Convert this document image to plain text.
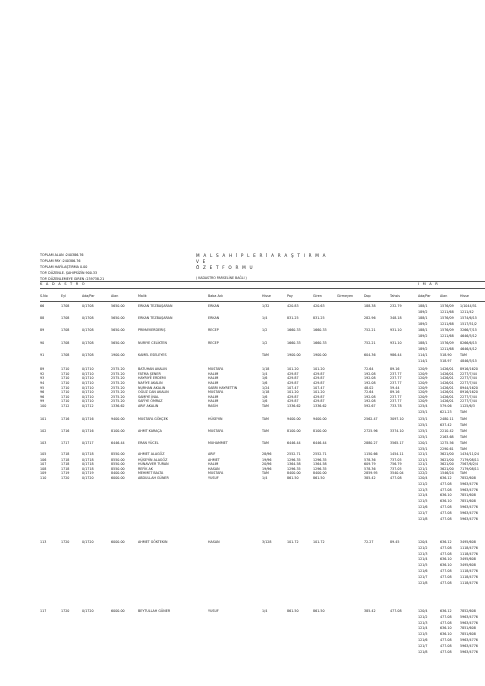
TOPLAM ALAN :240386.76
TOPLAM PAY :240386.76
TOPLAM HAFİLAŞTIRMA 0.00
TOP. DÜZENLE. ŞAHIPSİZİN 900.33
TOP. DÜZENLEMEYE GIREN :239738.21
M A L S A H İ P L E R İ A R A Ş T I R M A
V E
Ö Z E T F O R M U
( KADASTRO PARSELİNE BAĞLI )
K A D A S T R O	İ M A R
S.No	Eyl	Ada/Par	Alan	Malik	Baba Adı	Hisse	Pay	Giren	Girmeyen	Dop	Tahsis	Ada/Par	Alan	Hisse
66	1708	0/1708	5650.00	ERKAN TEZBAŞARAN	ERKAN	1/32	420.83	420.63	188.38	232.79	188/1	1576/09 1/1044/51
189/2	1211/68 1211/42
88	1708	0/1708	5650.00	ERKAN TEZBAŞARAN	ERKAN	1/4	831.25	831.25	282.96	348.18	188/1	1576/09 1574/6/15
189/2	1211/68 1517/51/2
89	1708	0/1708	5650.00	PRIMAYIERDERIŞ	RECEP	1/2	1660.33	1660.33	752.21	931.10	188/1	1576/09 3266/7/15
189/2	1211/68 4646/5/12
90	1708	0/1708	5650.00	NURIYE CELİKTEN	RECEP	1/2	1660.33	1660.33	752.21	931.10	188/1	1576/09 8266/6/15
189/2	1211/68 4646/4/12
91	1708	0/1708	1900.00	KAMEL ESELEYES	TAM	1900.00	1900.00	604.36	986.44	114/1	518.90	TAM
114/1	518.97	4846/5/15
89	1710	0/1710	2575.20	BATUHAN AKALIN	MUSTAFA	1/18	101.20	101.20	72.64	89.16	120/9	1426/01 8916/1620
92	1710	0/1710	2575.20	FATMA ŞENER	HALIM	1/4	429.87	429.87	192.08	237.77	120/9	1426/01 2277/7/44
93	1710	0/1710	2575.20	HAYRIYE ERDEMI	HALIM	1/6	429.87	429.87	192.08	237.77	120/9	1426/01 2277/7/44
94	1710	0/1710	2575.20	NAFİYE AKALIN	HALIM	1/6	429.87	429.87	192.08	237.77	120/9	1426/01 2277/7/44
95	1710	0/1710	2575.20	NURHAN AKALIN	SABRI HAYRETTIN	1/24	107.47	107.47	48.02	59.44	120/9	1426/01 8944/1620
96	1710	0/1710	2575.20	OĞUZ CAN AKALIN	MUSTAFA	1/18	101.20	101.20	72.64	89.16	120/9	1426/01 8916/1620
96	1710	0/1710	2575.20	SAMIYE İNAL	HALIM	1/6	429.87	429.87	192.08	237.77	120/9	1426/01 2277/7/44
99	1710	0/1710	2575.20	SAFİYE ÖMRAZ	HALIM	1/6	429.87	429.87	192.08	237.77	120/9	1426/01 2277/7/44
100	1712	0/1712	1336.62	ARIF AKALIN	RASİH	TAM	1336.62	1336.62	592.67	733.78	125/4	579.06	1125/6/3
125/1	621.23	TAM
101	1716	0/1716	9400.00	MUSTAFA GÖKÇEK	HÜSEYIN	TAM	9400.00	9400.00	2562.47	3097.10	125/1	2480.11 TAM
125/1	637.42	TAM
102	1716	0/1716	8100.00	AHMT KARAÇA	MUSTAFA	TAM	8100.00	8100.00	2725.96	3374.10	125/1	2210.42 TAM
125/1	2163.68 TAM
103	1717	0/1717	6446.44	ERAN YÜCEL	MUHAMMET	TAM	6446.44	6446.44	2880.27	3565.17	120/1	1275.56 TAM
125/1	2290.61 TAM
105	1718	0/1718	8550.00	AHMET ALAGÖZ	ARIF	28/96	2552.71	2552.71	1150.66	1454.11	121/1	3621/00 1434/11/24
106	1718	0/1718	8550.00	HÜSEYİN ALAGÖZ	AHMET	19/96	1296.35	1296.35	578.36	737.05	121/1	3621/00 7179/08/11
107	1718	0/1718	8550.00	HÜNAVVER TURAN	HALIM	20/96	1364.58	1364.58	609.79	756.79	121/1	3621/00 7567/6/2/4
108	1718	0/1718	8550.00	REFİK AK	HASAN	19/96	1296.35	1296.35	578.36	737.05	121/1	3621/00 7179/08/11
109	1719	0/1719	8400.00	MEHMET BALTA	MUSTAFA	TAM	8400.00	8400.00	2859.95	3540.04	122/2	1546/24 TAM
110	1720	0/1720	6000.00	ABDULLAH GÜNER	YUSUF	1/4	861.50	861.50	385.42	477.08	120/4	636.12	7852/608
121/2	477.08	5963/4776
121/3	477.08	5963/4776
121/4	636.10	7851/608
121/5	636.10	7851/608
121/6	477.08	5963/4776
121/7	477.08	5963/4776
121/8	477.08	5963/4776
113	1720	0/1720	6000.00	AHMET GÖKTEKIN	HASAN	3/128	101.72	101.72	72.27	89.45	120/4	636.12	3495/608
121/2	477.08	1118/4776
121/3	477.08	1118/4776
121/4	636.10	3495/608
121/5	636.10	3495/608
121/6	477.08	1118/4776
121/7	477.08	1118/4776
121/8	477.08	1118/4776
117	1720	0/1720	6000.00	BEYTULLAH GÜNER	YUSUF	1/4	861.50	861.50	385.42	477.08	120/4	636.12	7852/608
121/2	477.08	5963/4776
121/3	477.08	5963/4776
121/4	636.10	7851/608
121/5	636.10	7851/608
121/6	477.08	5963/4776
121/7	477.08	5963/4776
121/8	477.08	5963/4776
